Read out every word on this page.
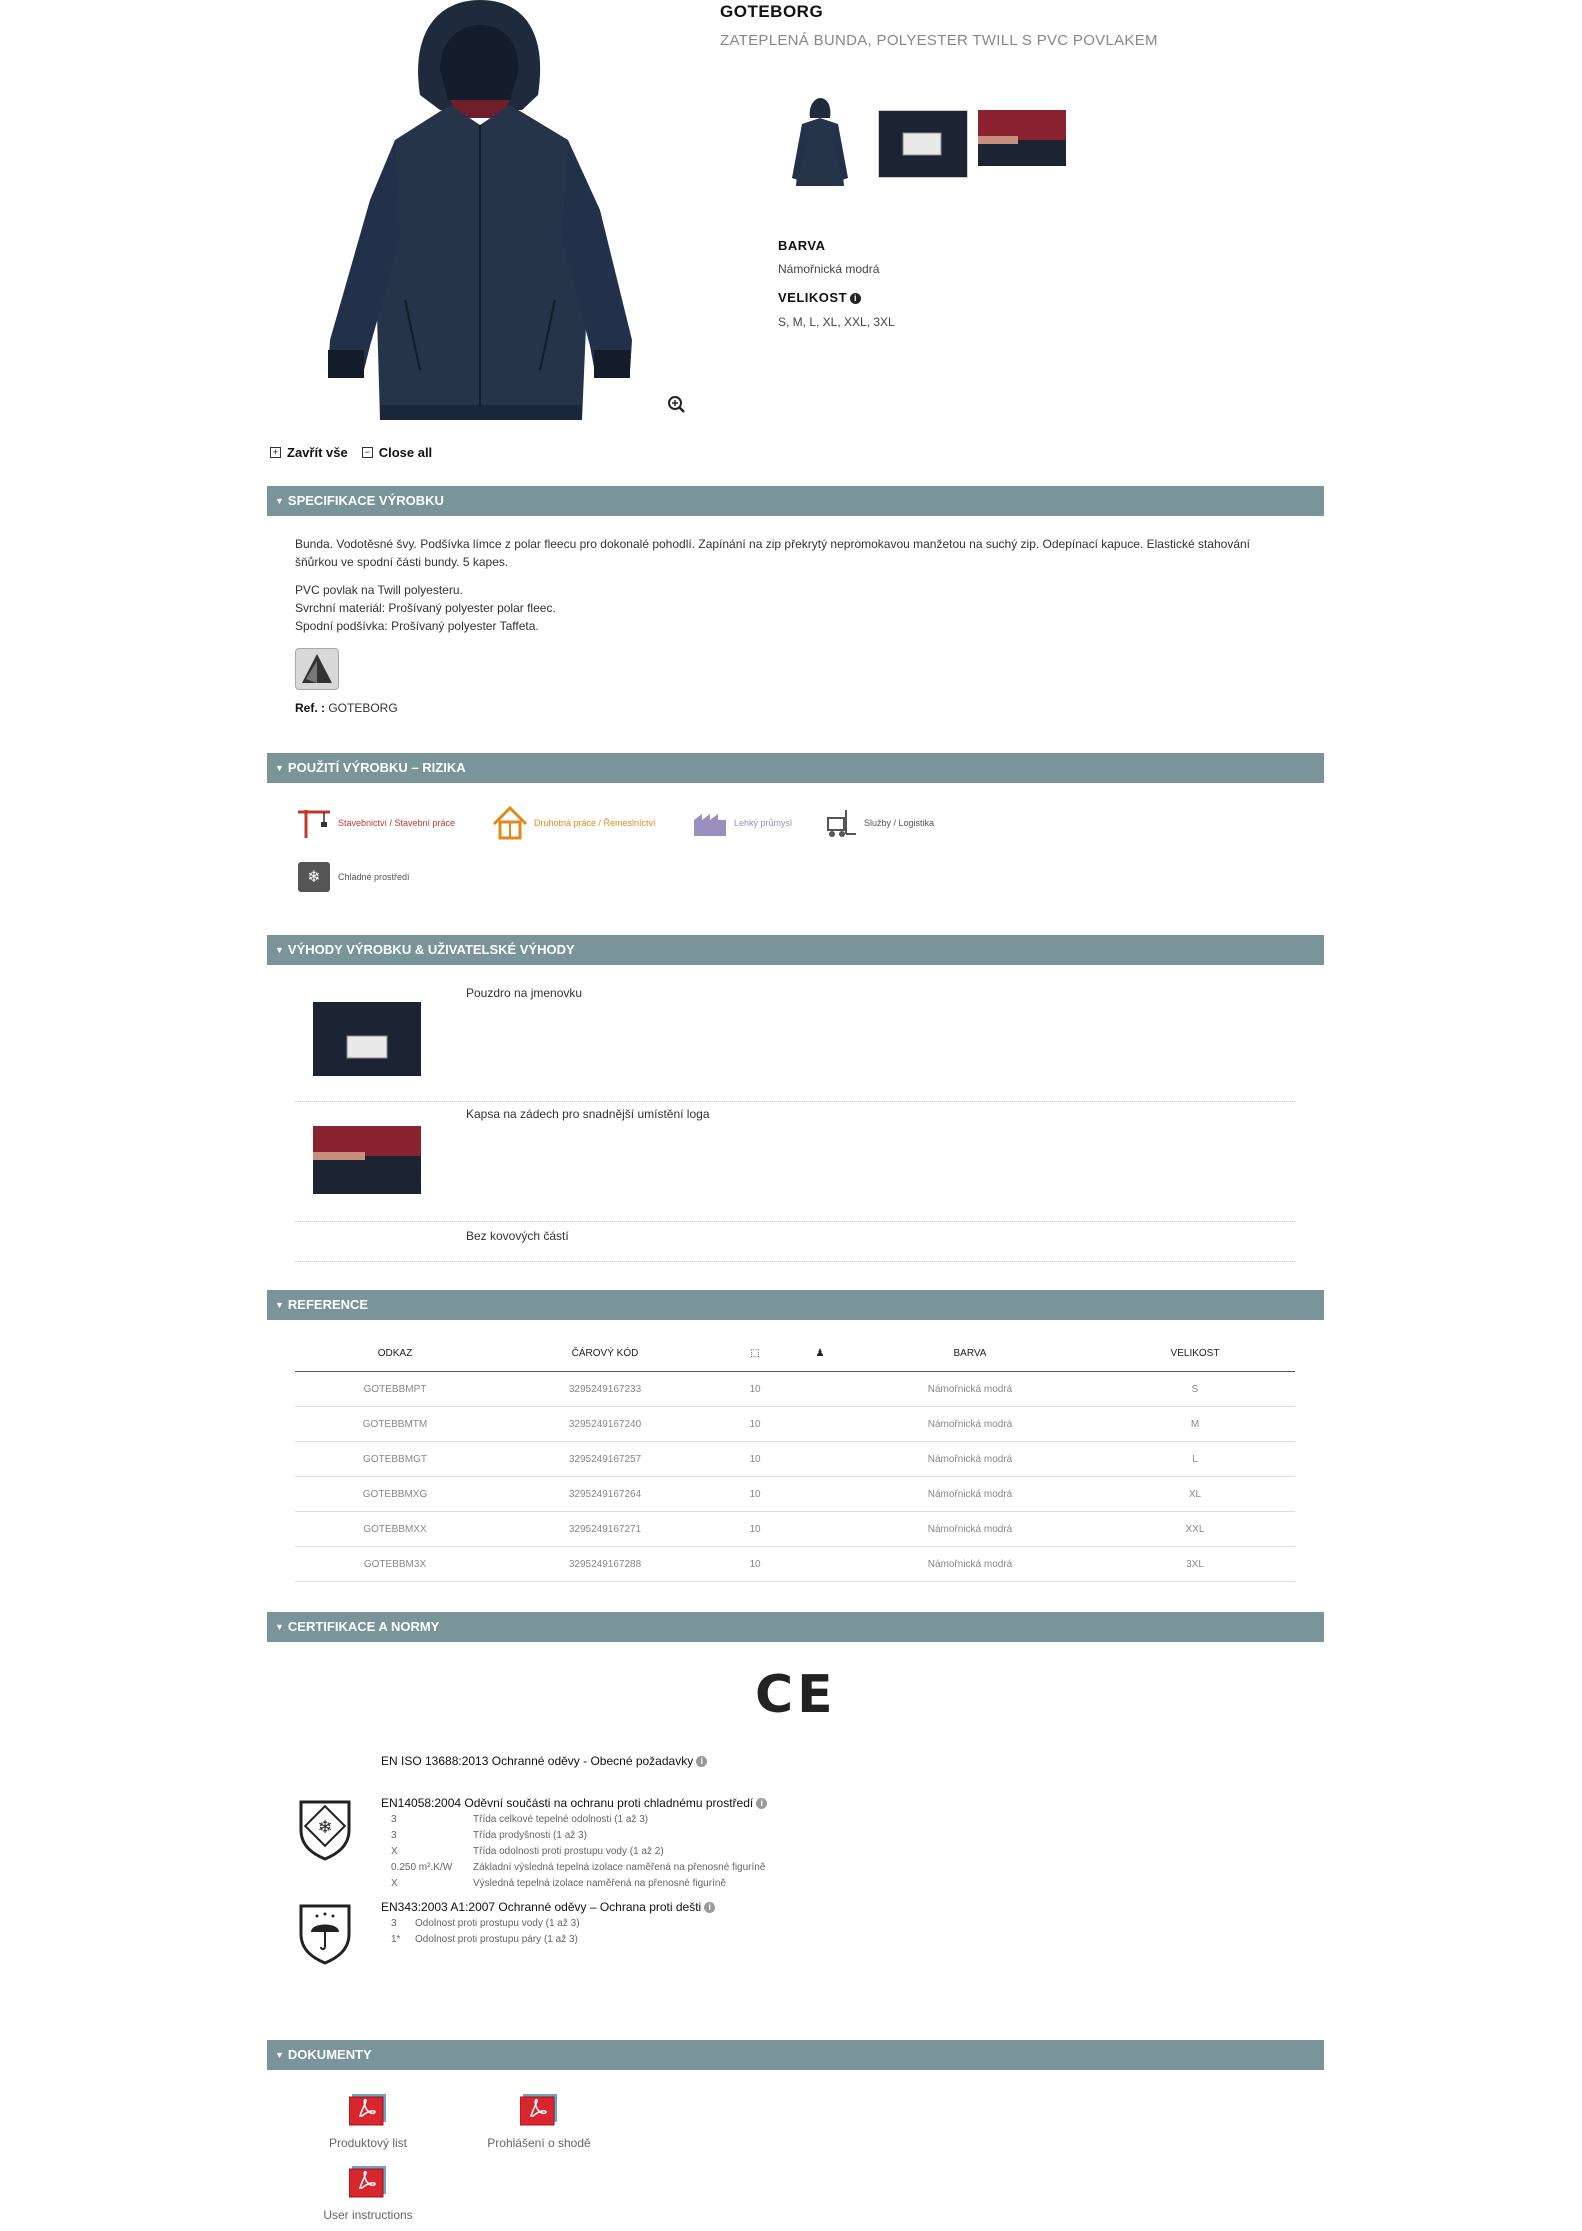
GOTEBORG
ZATEPLENÁ BUNDA, POLYESTER TWILL S PVC POVLAKEM
BARVA
Námořnická modrá
VELIKOST i
S, M, L, XL, XXL, 3XL
+ Zavřít vše	− Close all
▼ SPECIFIKACE VÝROBKU

Bunda. Vodotěsné švy. Podšívka límce z polar fleecu pro dokonalé pohodlí. Zapínání na zip překrytý nepromokavou manžetou na suchý zip. Odepínací kapuce. Elastické stahování šňůrkou ve spodní části bundy. 5 kapes.

PVC povlak na Twill polyesteru.
Svrchní materiál: Prošívaný polyester polar fleec.
Spodní podšívka: Prošívaný polyester Taffeta.
Ref. : GOTEBORG
▼ POUŽITÍ VÝROBKU – RIZIKA
Stavebnictví / Stavební práce	Druhotná práce / Řemeslníctví	Lehký průmysl	Služby / Logistika
❄ Chladné prostředí
▼ VÝHODY VÝROBKU & UŽIVATELSKÉ VÝHODY
Pouzdro na jmenovku
Kapsa na zádech pro snadnější umístění loga
Bez kovových částí
▼ REFERENCE
ODKAZ	ČÁROVÝ KÓD	⬚	♟	BARVA	VELIKOST
GOTEBBMPT	3295249167233	10		Námořnická modrá	S
GOTEBBMTM	3295249167240	10		Námořnická modrá	M
GOTEBBMGT	3295249167257	10		Námořnická modrá	L
GOTEBBMXG	3295249167264	10		Námořnická modrá	XL
GOTEBBMXX	3295249167271	10		Námořnická modrá	XXL
GOTEBBM3X	3295249167288	10		Námořnická modrá	3XL
▼ CERTIFIKACE A NORMY
CE
EN ISO 13688:2013 Ochranné oděvy - Obecné požadavky i
❄
EN14058:2004 Oděvní součásti na ochranu proti chladnému prostředí i
3	Třída celkové tepelné odolnosti (1 až 3)
3	Třída prodyšnosti (1 až 3)
X	Třída odolnosti proti prostupu vody (1 až 2)
0.250 m².K/W	Základní výsledná tepelná izolace naměřená na přenosné figuríně
X	Výsledná tepelná izolace naměřená na přenosné figuríně
EN343:2003 A1:2007 Ochranné oděvy – Ochrana proti dešti i
3	Odolnost proti prostupu vody (1 až 3)
1*	Odolnost proti prostupu páry (1 až 3)
▼ DOKUMENTY
Produktový list	Prohlášení o shodě
User instructions
